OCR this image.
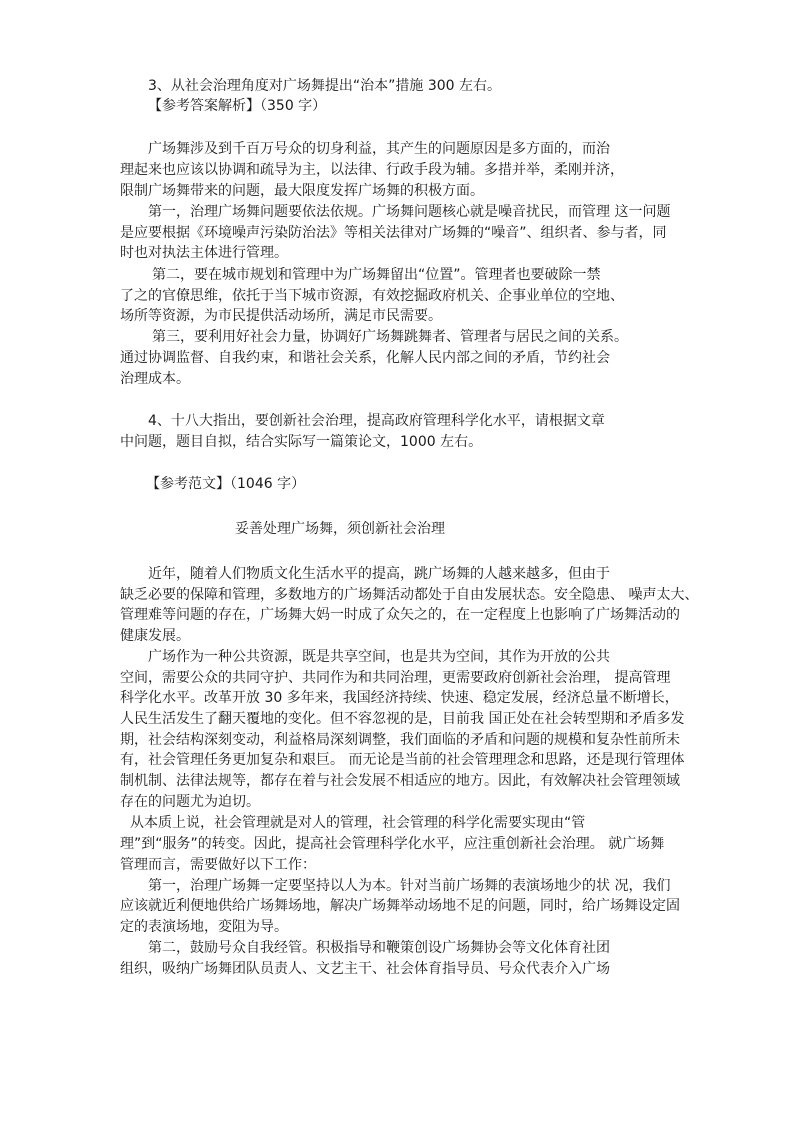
3、从社会治理角度对广场舞提出“治本”措施 300 左右。
【参考答案解析】（350 字）
广场舞涉及到千百万号众的切身利益，其产生的问题原因是多方面的，而治
理起来也应该以协调和疏导为主，以法律、行政手段为辅。多措并举，柔刚并济，
限制广场舞带来的问题，最大限度发挥广场舞的积极方面。
第一，治理广场舞问题要依法依规。广场舞问题核心就是噪音扰民，而管理 这一问题
是应要根据《环境噪声污染防治法》等相关法律对广场舞的“噪音”、组织者、参与者，同
时也对执法主体进行管理。
第二，要在城市规划和管理中为广场舞留出“位置”。管理者也要破除一禁
了之的官僚思维，依托于当下城市资源，有效挖掘政府机关、企事业单位的空地、
场所等资源，为市民提供活动场所，满足市民需要。
第三，要利用好社会力量，协调好广场舞跳舞者、管理者与居民之间的关系。
通过协调监督、自我约束，和谐社会关系，化解人民内部之间的矛盾，节约社会
治理成本。
4、十八大指出，要创新社会治理，提高政府管理科学化水平，请根据文章
中问题，题目自拟，结合实际写一篇策论文，1000 左右。
【参考范文】（1046 字）
妥善处理广场舞，须创新社会治理
近年，随着人们物质文化生活水平的提高，跳广场舞的人越来越多，但由于
缺乏必要的保障和管理，多数地方的广场舞活动都处于自由发展状态。安全隐患、 噪声太大、
管理难等问题的存在，广场舞大妈一时成了众矢之的，在一定程度上也影响了广场舞活动的
健康发展。
广场作为一种公共资源，既是共享空间，也是共为空间，其作为开放的公共
空间，需要公众的共同守护、共同作为和共同治理，更需要政府创新社会治理， 提高管理
科学化水平。改革开放 30 多年来，我国经济持续、快速、稳定发展，经济总量不断增长，
人民生活发生了翻天覆地的变化。但不容忽视的是，目前我 国正处在社会转型期和矛盾多发
期，社会结构深刻变动，利益格局深刻调整，我们面临的矛盾和问题的规模和复杂性前所未
有，社会管理任务更加复杂和艰巨。 而无论是当前的社会管理理念和思路，还是现行管理体
制机制、法律法规等，都存在着与社会发展不相适应的地方。因此，有效解决社会管理领域
存在的问题尤为迫切。
从本质上说，社会管理就是对人的管理，社会管理的科学化需要实现由“管
理”到“服务”的转变。因此，提高社会管理科学化水平，应注重创新社会治理。 就广场舞
管理而言，需要做好以下工作：
第一，治理广场舞一定要坚持以人为本。针对当前广场舞的表演场地少的状 况，我们
应该就近利便地供给广场舞场地，解决广场舞举动场地不足的问题，同时，给广场舞设定固
定的表演场地，変阻为导。
第二，鼓励号众自我经管。积极指导和鞭策创设广场舞协会等文化体育社团
组织，吸纳广场舞团队员责人、文艺主干、社会体育指导员、号众代表介入广场
